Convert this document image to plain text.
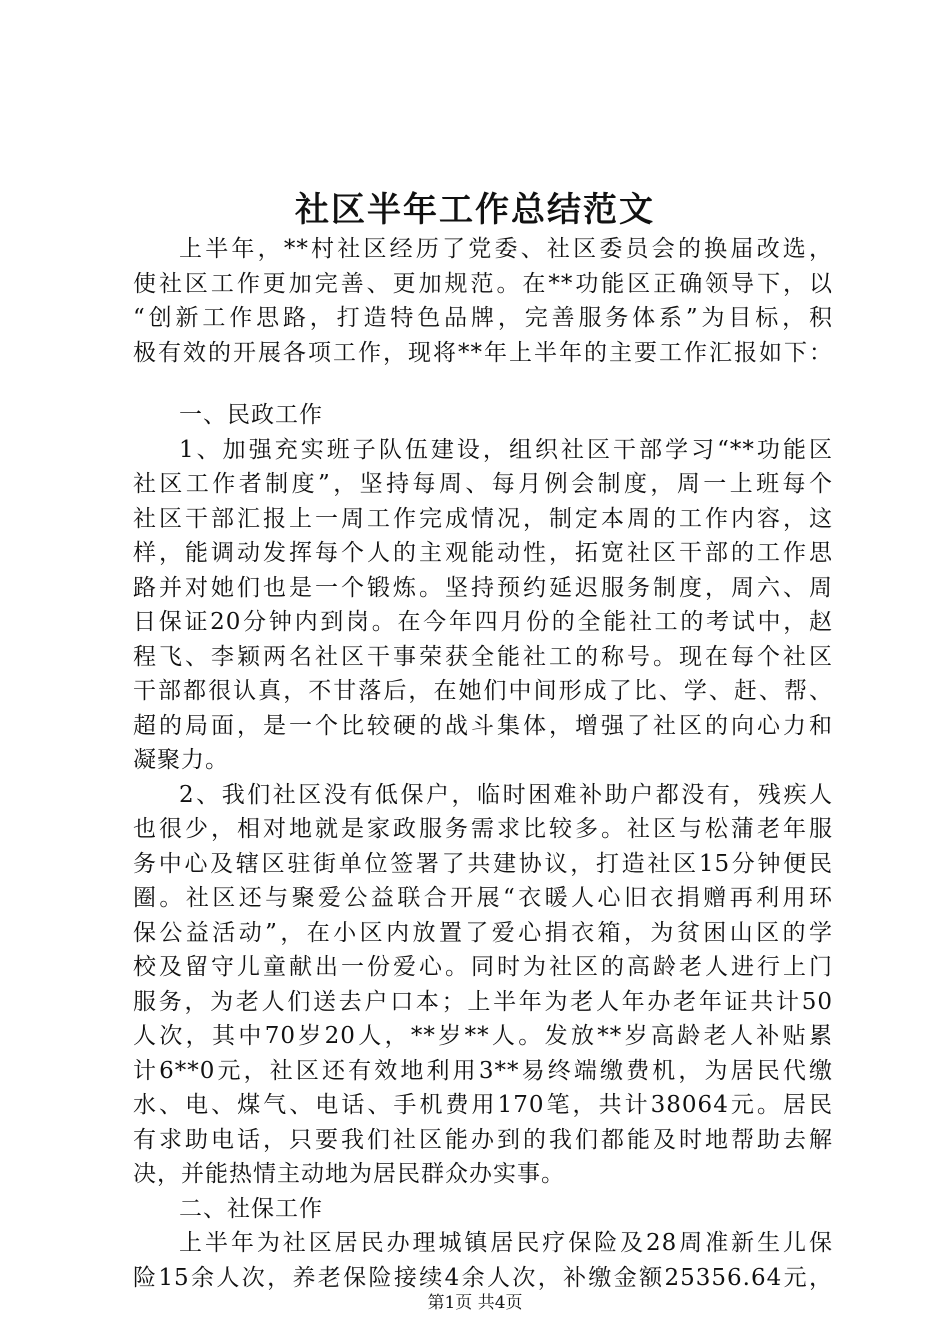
社区半年工作总结范文
上半年，**村社区经历了党委、社区委员会的换届改选，
使社区工作更加完善、更加规范。在**功能区正确领导下，以
“创新工作思路，打造特色品牌，完善服务体系”为目标，积
极有效的开展各项工作，现将**年上半年的主要工作汇报如下：
一、民政工作
1、加强充实班子队伍建设，组织社区干部学习“**功能区
社区工作者制度”，坚持每周、每月例会制度，周一上班每个
社区干部汇报上一周工作完成情况，制定本周的工作内容，这
样，能调动发挥每个人的主观能动性，拓宽社区干部的工作思
路并对她们也是一个锻炼。坚持预约延迟服务制度，周六、周
日保证20分钟内到岗。在今年四月份的全能社工的考试中，赵
程飞、李颖两名社区干事荣获全能社工的称号。现在每个社区
干部都很认真，不甘落后，在她们中间形成了比、学、赶、帮、
超的局面，是一个比较硬的战斗集体，增强了社区的向心力和
凝聚力。
2、我们社区没有低保户，临时困难补助户都没有，残疾人
也很少，相对地就是家政服务需求比较多。社区与松蒲老年服
务中心及辖区驻街单位签署了共建协议，打造社区15分钟便民
圈。社区还与聚爱公益联合开展“衣暖人心旧衣捐赠再利用环
保公益活动”，在小区内放置了爱心捐衣箱，为贫困山区的学
校及留守儿童献出一份爱心。同时为社区的高龄老人进行上门
服务，为老人们送去户口本；上半年为老人年办老年证共计50
人次，其中70岁20人，**岁**人。发放**岁高龄老人补贴累
计6**0元，社区还有效地利用3**易终端缴费机，为居民代缴
水、电、煤气、电话、手机费用170笔，共计38064元。居民
有求助电话，只要我们社区能办到的我们都能及时地帮助去解
决，并能热情主动地为居民群众办实事。
二、社保工作
上半年为社区居民办理城镇居民疗保险及28周准新生儿保
险15余人次，养老保险接续4余人次，补缴金额25356.64元，
第1页 共4页
